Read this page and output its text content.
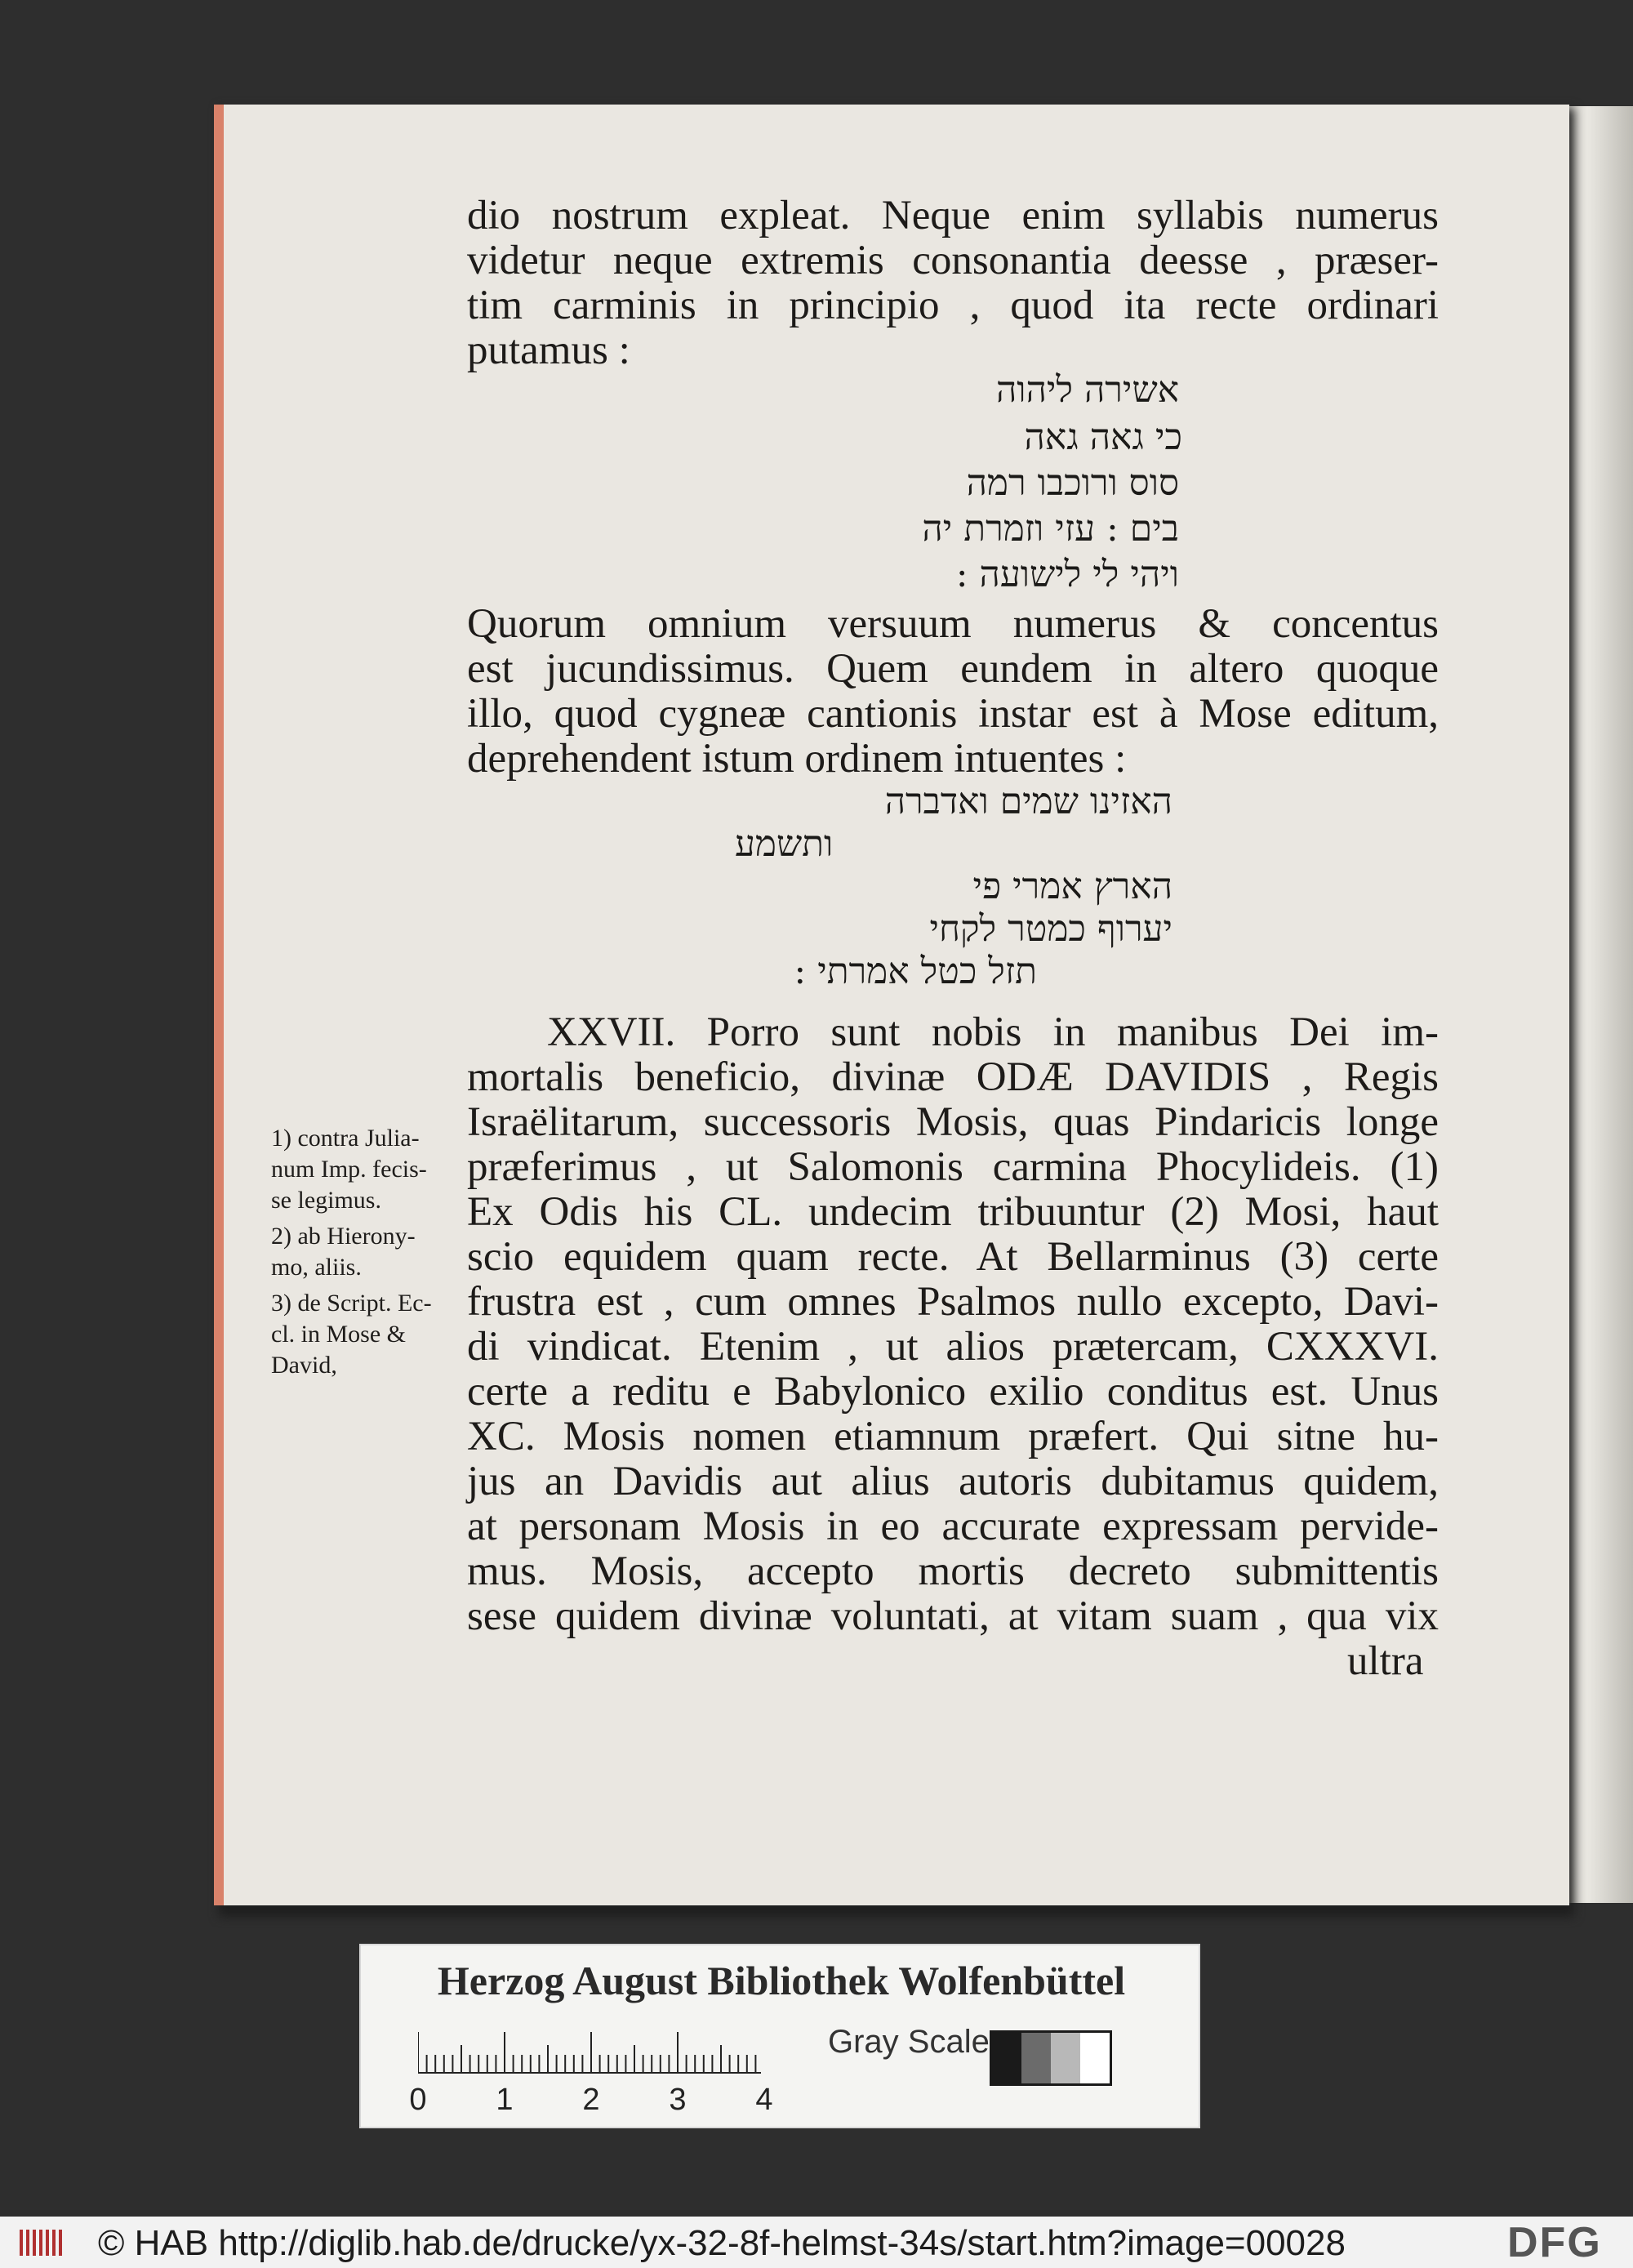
dio nostrum expleat. Neque enim syllabis numerus
videtur neque extremis consonantia deesse , præser-
tim carminis in principio , quod ita recte ordinari
putamus :
אשירה ליהוה
כי גאה גאה
סוס ורוכבו רמה
בים : עזי וזמרת יה
ויהי לי לישועה :
Quorum omnium versuum numerus & concentus
est jucundissimus. Quem eundem in altero quoque
illo, quod cygneæ cantionis instar est à Mose editum,
deprehendent istum ordinem intuentes :
האזינו שמים ואדברה
ותשמע
הארץ אמרי פי
יערוף כמטר לקחי
תזל כטל אמרתי :
XXVII. Porro sunt nobis in manibus Dei im-
mortalis beneficio, divinæ ODÆ DAVIDIS , Regis
Israëlitarum, successoris Mosis, quas Pindaricis longe
præferimus , ut Salomonis carmina Phocylideis. (1)
Ex Odis his CL. undecim tribuuntur (2) Mosi, haut
scio equidem quam recte. At Bellarminus (3) certe
frustra est , cum omnes Psalmos nullo excepto, Davi-
di vindicat. Etenim , ut alios prætercam, CXXXVI.
certe a reditu e Babylonico exilio conditus est. Unus
XC. Mosis nomen etiamnum præfert. Qui sitne hu-
jus an Davidis aut alius autoris dubitamus quidem,
at personam Mosis in eo accurate expressam pervide-
mus. Mosis, accepto mortis decreto submittentis
sese quidem divinæ voluntati, at vitam suam , qua vix
ultra
1) contra Julia-
num Imp. fecis-
se legimus.
2) ab Hierony-
mo, aliis.
3) de Script. Ec-
cl. in Mose &
David,
Herzog August Bibliothek Wolfenbüttel
0 1 2 3 4
Gray Scale
© HAB http://diglib.hab.de/drucke/yx-32-8f-helmst-34s/start.htm?image=00028	DFG
